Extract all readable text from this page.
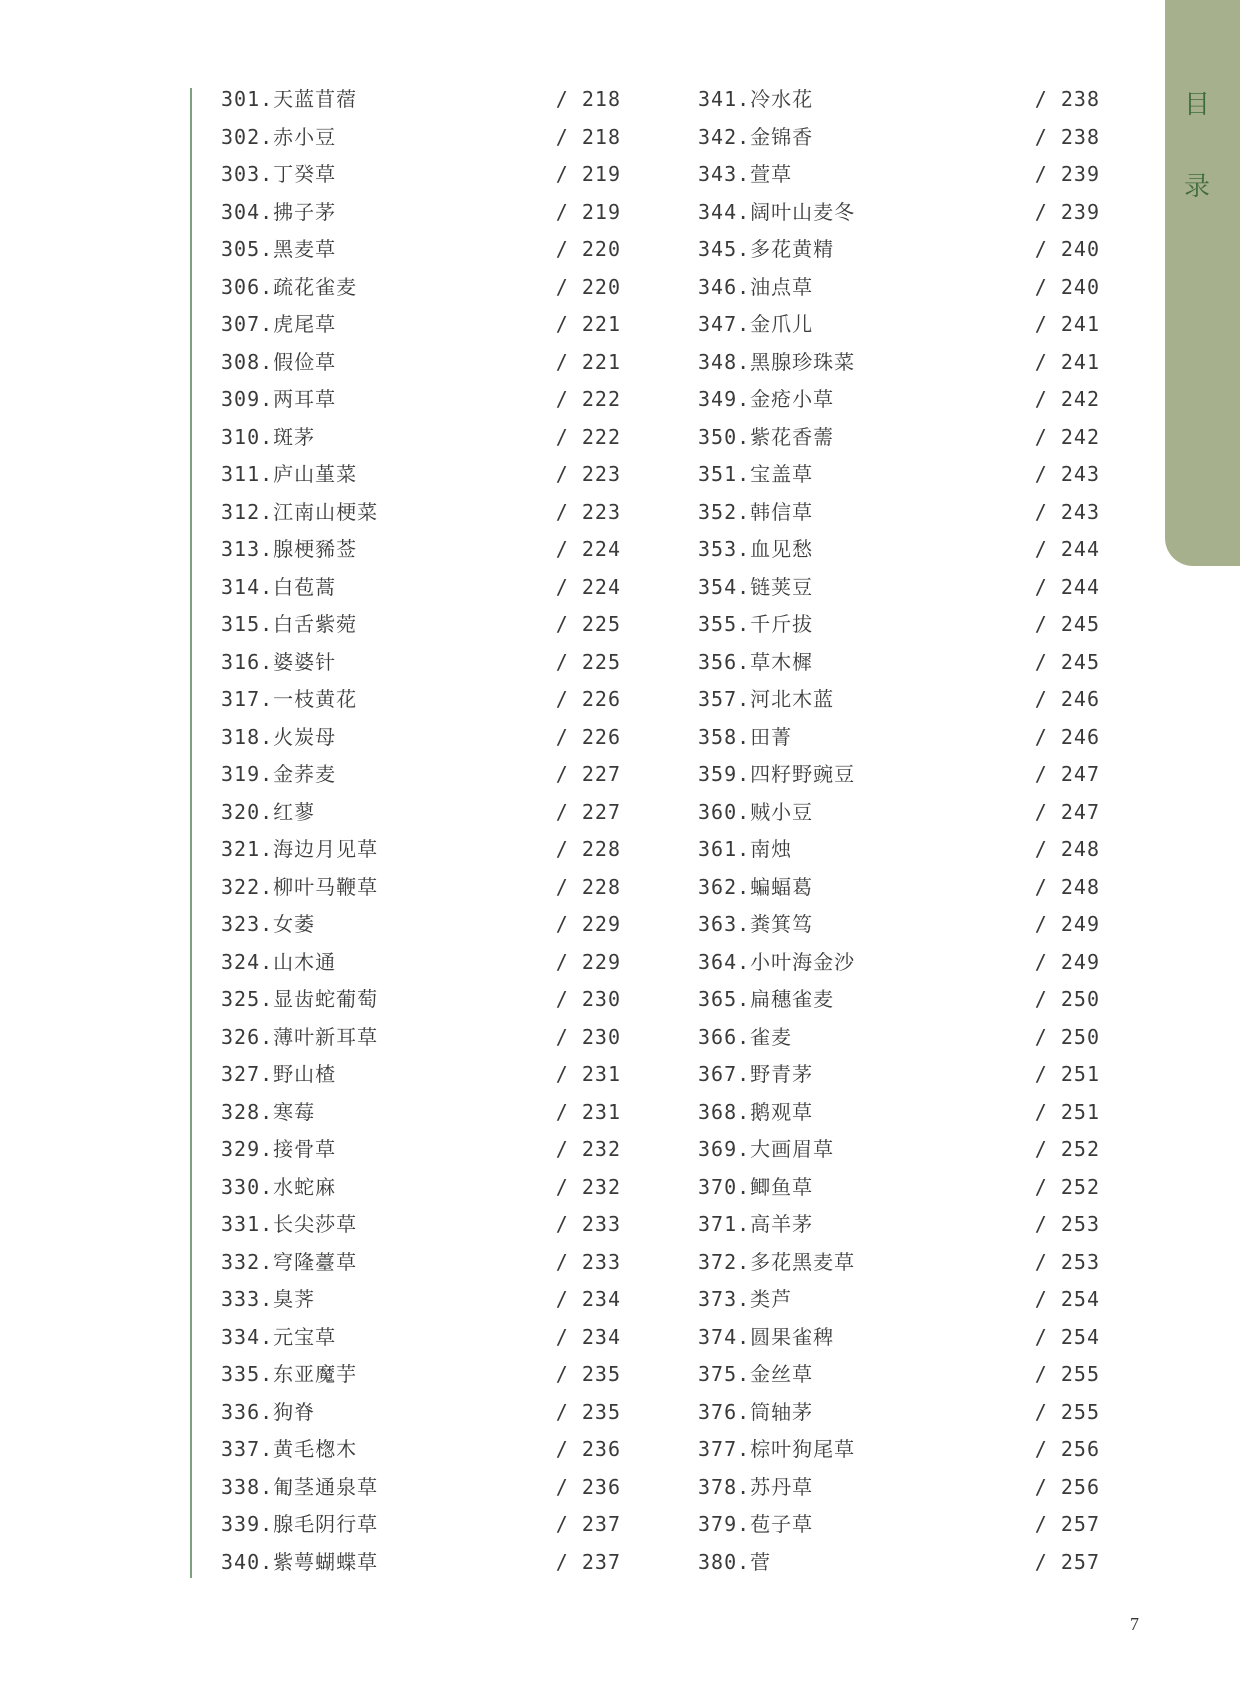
目
录
301.天蓝苜蓿	/ 218
302.赤小豆	/ 218
303.丁癸草	/ 219
304.拂子茅	/ 219
305.黑麦草	/ 220
306.疏花雀麦	/ 220
307.虎尾草	/ 221
308.假俭草	/ 221
309.两耳草	/ 222
310.斑茅	/ 222
311.庐山堇菜	/ 223
312.江南山梗菜	/ 223
313.腺梗豨莶	/ 224
314.白苞蒿	/ 224
315.白舌紫菀	/ 225
316.婆婆针	/ 225
317.一枝黄花	/ 226
318.火炭母	/ 226
319.金荞麦	/ 227
320.红蓼	/ 227
321.海边月见草	/ 228
322.柳叶马鞭草	/ 228
323.女萎	/ 229
324.山木通	/ 229
325.显齿蛇葡萄	/ 230
326.薄叶新耳草	/ 230
327.野山楂	/ 231
328.寒莓	/ 231
329.接骨草	/ 232
330.水蛇麻	/ 232
331.长尖莎草	/ 233
332.穹隆薹草	/ 233
333.臭荠	/ 234
334.元宝草	/ 234
335.东亚魔芋	/ 235
336.狗脊	/ 235
337.黄毛楤木	/ 236
338.匍茎通泉草	/ 236
339.腺毛阴行草	/ 237
340.紫萼蝴蝶草	/ 237
341.冷水花	/ 238
342.金锦香	/ 238
343.萱草	/ 239
344.阔叶山麦冬	/ 239
345.多花黄精	/ 240
346.油点草	/ 240
347.金爪儿	/ 241
348.黑腺珍珠菜	/ 241
349.金疮小草	/ 242
350.紫花香薷	/ 242
351.宝盖草	/ 243
352.韩信草	/ 243
353.血见愁	/ 244
354.链荚豆	/ 244
355.千斤拔	/ 245
356.草木樨	/ 245
357.河北木蓝	/ 246
358.田菁	/ 246
359.四籽野豌豆	/ 247
360.贼小豆	/ 247
361.南烛	/ 248
362.蝙蝠葛	/ 248
363.粪箕笃	/ 249
364.小叶海金沙	/ 249
365.扁穗雀麦	/ 250
366.雀麦	/ 250
367.野青茅	/ 251
368.鹅观草	/ 251
369.大画眉草	/ 252
370.鲫鱼草	/ 252
371.高羊茅	/ 253
372.多花黑麦草	/ 253
373.类芦	/ 254
374.圆果雀稗	/ 254
375.金丝草	/ 255
376.筒轴茅	/ 255
377.棕叶狗尾草	/ 256
378.苏丹草	/ 256
379.苞子草	/ 257
380.菅	/ 257
7
